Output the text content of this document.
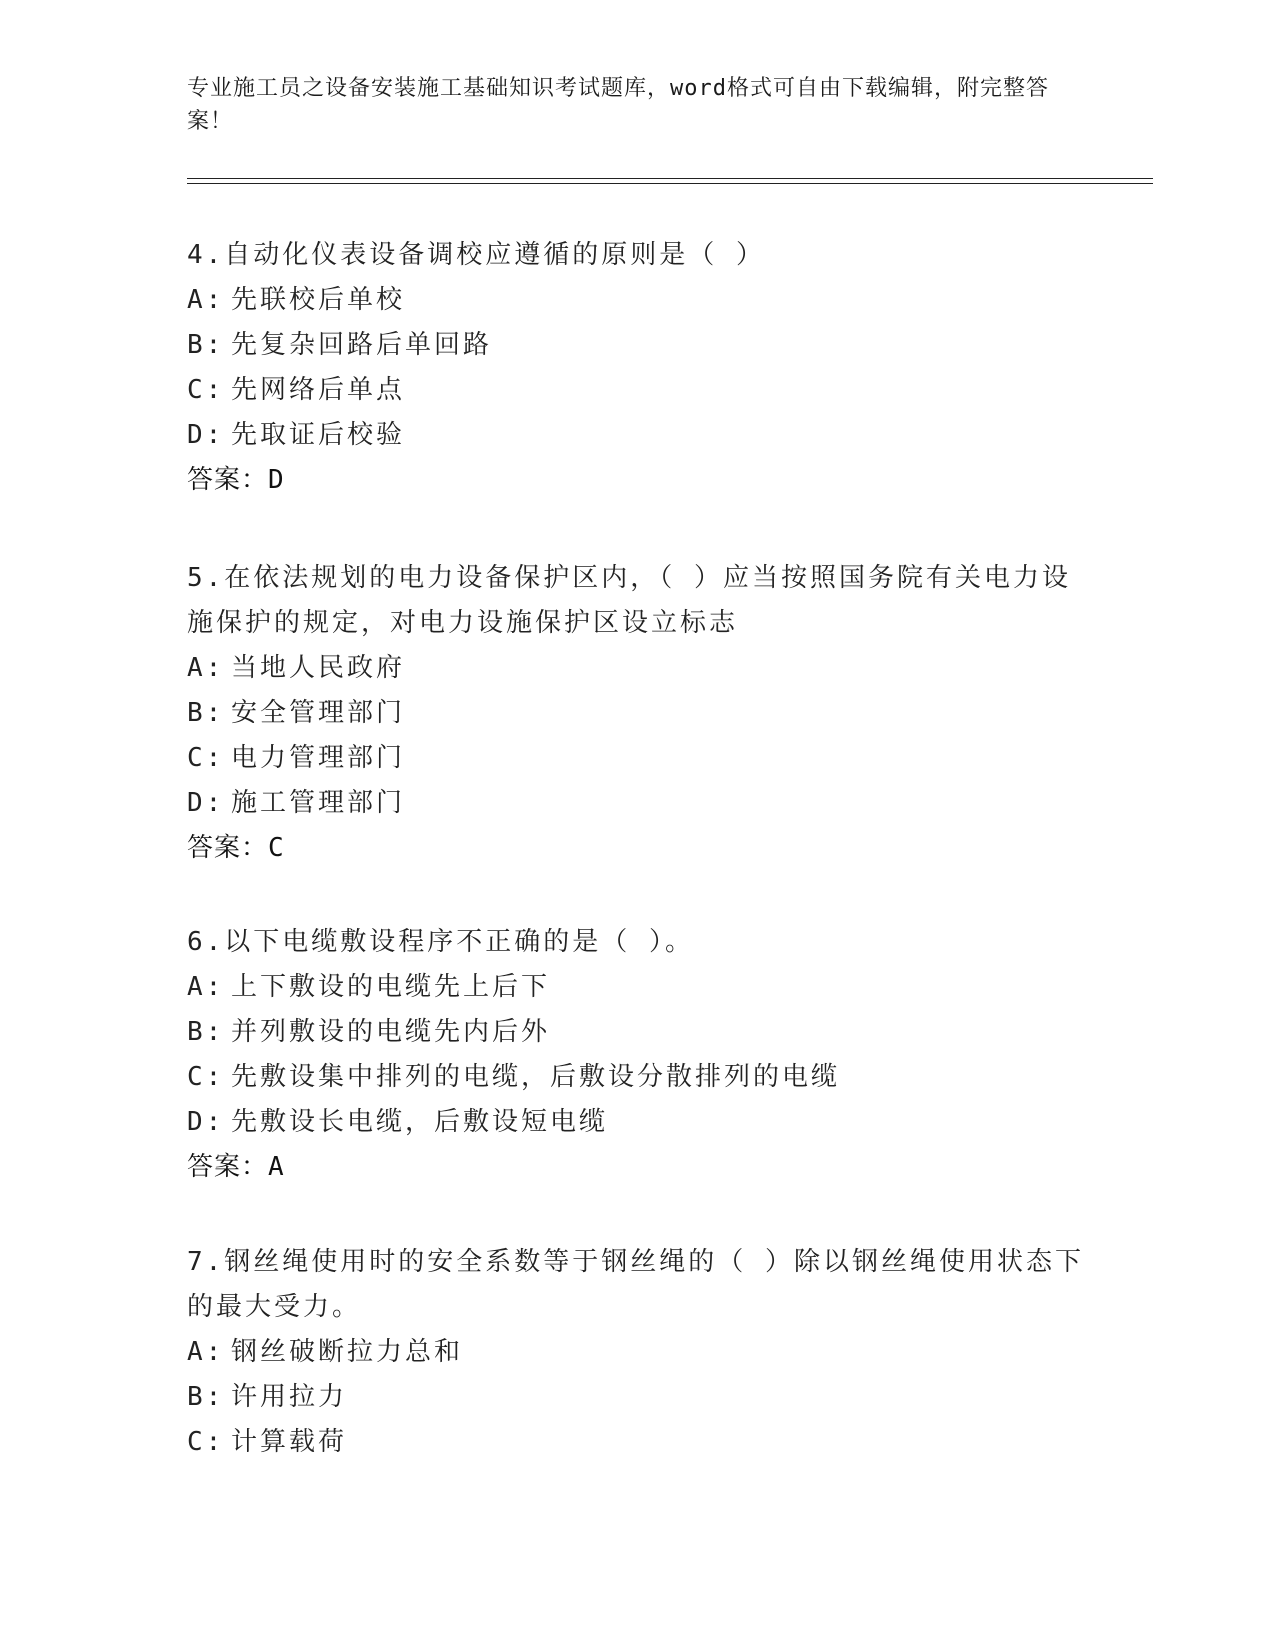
专业施工员之设备安装施工基础知识考试题库，word格式可自由下载编辑，附完整答案！

4.自动化仪表设备调校应遵循的原则是（ ）

A: 先联校后单校

B: 先复杂回路后单回路

C: 先网络后单点

D: 先取证后校验

答案：D

5.在依法规划的电力设备保护区内，（ ）应当按照国务院有关电力设施保护的规定，对电力设施保护区设立标志

A: 当地人民政府

B: 安全管理部门

C: 电力管理部门

D: 施工管理部门

答案：C

6.以下电缆敷设程序不正确的是（ ）。

A: 上下敷设的电缆先上后下

B: 并列敷设的电缆先内后外

C: 先敷设集中排列的电缆，后敷设分散排列的电缆

D: 先敷设长电缆，后敷设短电缆

答案：A

7.钢丝绳使用时的安全系数等于钢丝绳的（ ）除以钢丝绳使用状态下的最大受力。

A: 钢丝破断拉力总和

B: 许用拉力

C: 计算载荷
